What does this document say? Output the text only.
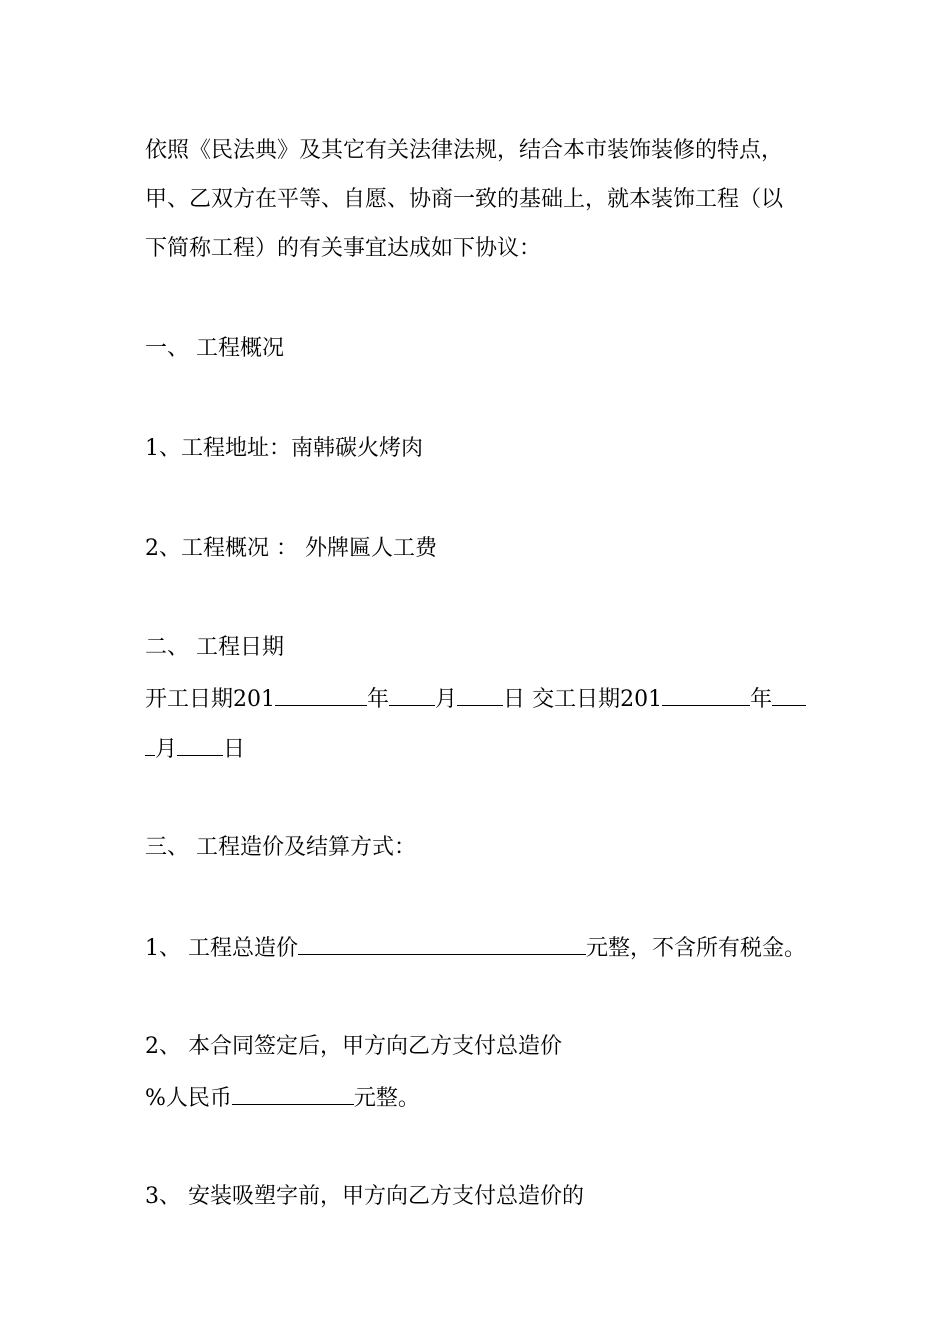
依照《民法典》及其它有关法律法规，结合本市装饰装修的特点，
甲、乙双方在平等、自愿、协商一致的基础上，就本装饰工程（以
下简称工程）的有关事宜达成如下协议：
一、 工程概况
1、工程地址：南韩碳火烤肉
2、工程概况 ： 外牌匾人工费
二、 工程日期
开工日期201	年 月 日 交工日期201	年
月 日
三、 工程造价及结算方式：
1、 工程总造价	元整，不含所有税金。
2、 本合同签定后，甲方向乙方支付总造价
%人民币	元整。
3、 安装吸塑字前，甲方向乙方支付总造价的
